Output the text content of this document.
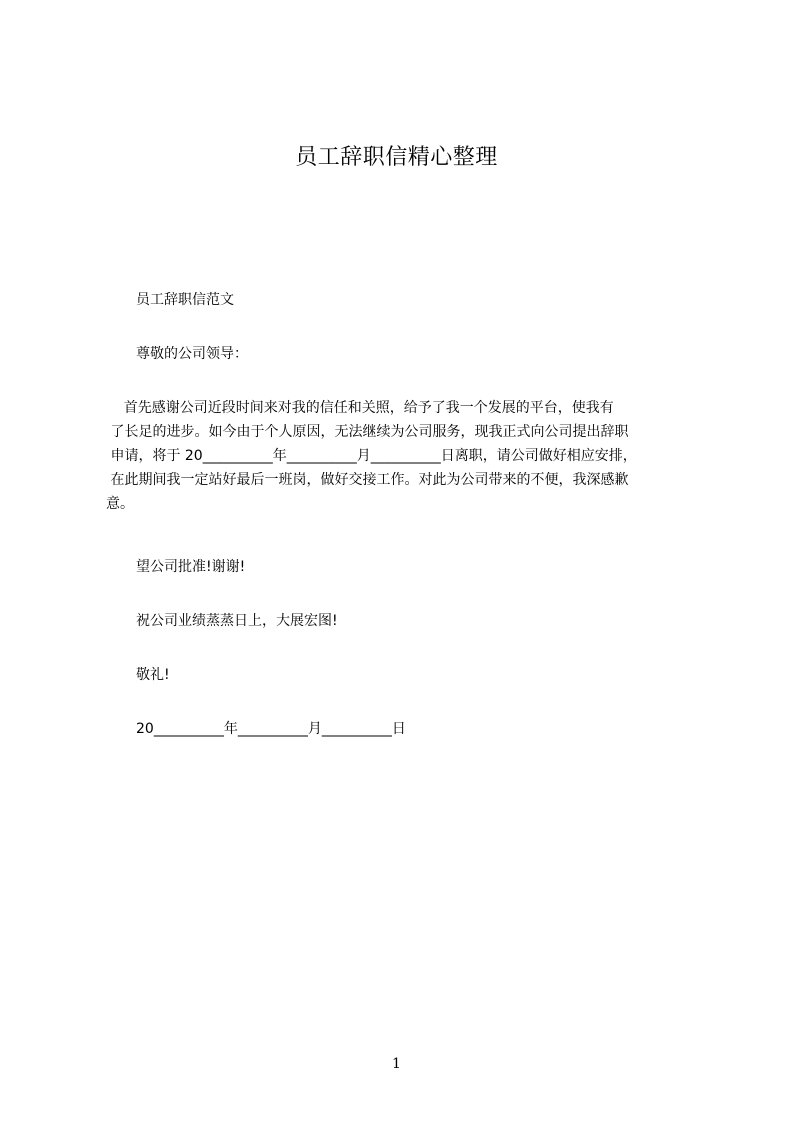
员工辞职信精心整理
员工辞职信范文
尊敬的公司领导：
首先感谢公司近段时间来对我的信任和关照，给予了我一个发展的平台，使我有
了长足的进步。如今由于个人原因，无法继续为公司服务，现我正式向公司提出辞职
申请，将于 20__________年__________月__________日离职，请公司做好相应安排，
在此期间我一定站好最后一班岗，做好交接工作。对此为公司带来的不便，我深感歉
意。
望公司批准!谢谢!
祝公司业绩蒸蒸日上，大展宏图!
敬礼!
20__________年__________月__________日
1
